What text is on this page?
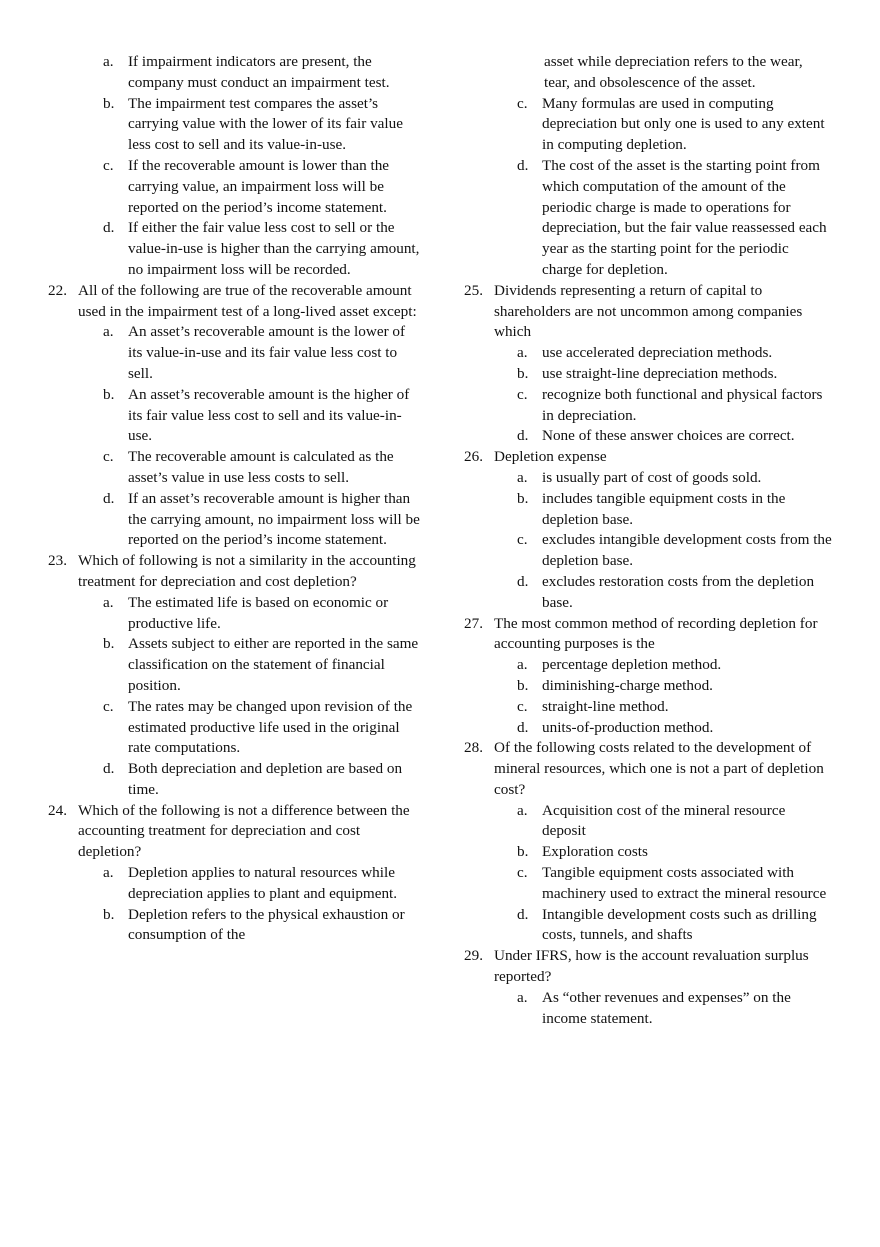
a. If impairment indicators are present, the company must conduct an impairment test.
b. The impairment test compares the asset’s carrying value with the lower of its fair value less cost to sell and its value-in-use.
c. If the recoverable amount is lower than the carrying value, an impairment loss will be reported on the period’s income statement.
d. If either the fair value less cost to sell or the value-in-use is higher than the carrying amount, no impairment loss will be recorded.
22. All of the following are true of the recoverable amount used in the impairment test of a long-lived asset except:
a. An asset’s recoverable amount is the lower of its value-in-use and its fair value less cost to sell.
b. An asset’s recoverable amount is the higher of its fair value less cost to sell and its value-in-use.
c. The recoverable amount is calculated as the asset’s value in use less costs to sell.
d. If an asset’s recoverable amount is higher than the carrying amount, no impairment loss will be reported on the period’s income statement.
23. Which of following is not a similarity in the accounting treatment for depreciation and cost depletion?
a. The estimated life is based on economic or productive life.
b. Assets subject to either are reported in the same classification on the statement of financial position.
c. The rates may be changed upon revision of the estimated productive life used in the original rate computations.
d. Both depreciation and depletion are based on time.
24. Which of the following is not a difference between the accounting treatment for depreciation and cost depletion?
a. Depletion applies to natural resources while depreciation applies to plant and equipment.
b. Depletion refers to the physical exhaustion or consumption of the
asset while depreciation refers to the wear, tear, and obsolescence of the asset.
c. Many formulas are used in computing depreciation but only one is used to any extent in computing depletion.
d. The cost of the asset is the starting point from which computation of the amount of the periodic charge is made to operations for depreciation, but the fair value reassessed each year as the starting point for the periodic charge for depletion.
25. Dividends representing a return of capital to shareholders are not uncommon among companies which
a. use accelerated depreciation methods.
b. use straight-line depreciation methods.
c. recognize both functional and physical factors in depreciation.
d. None of these answer choices are correct.
26. Depletion expense
a. is usually part of cost of goods sold.
b. includes tangible equipment costs in the depletion base.
c. excludes intangible development costs from the depletion base.
d. excludes restoration costs from the depletion base.
27. The most common method of recording depletion for accounting purposes is the
a. percentage depletion method.
b. diminishing-charge method.
c. straight-line method.
d. units-of-production method.
28. Of the following costs related to the development of mineral resources, which one is not a part of depletion cost?
a. Acquisition cost of the mineral resource deposit
b. Exploration costs
c. Tangible equipment costs associated with machinery used to extract the mineral resource
d. Intangible development costs such as drilling costs, tunnels, and shafts
29. Under IFRS, how is the account revaluation surplus reported?
a. As “other revenues and expenses” on the income statement.
